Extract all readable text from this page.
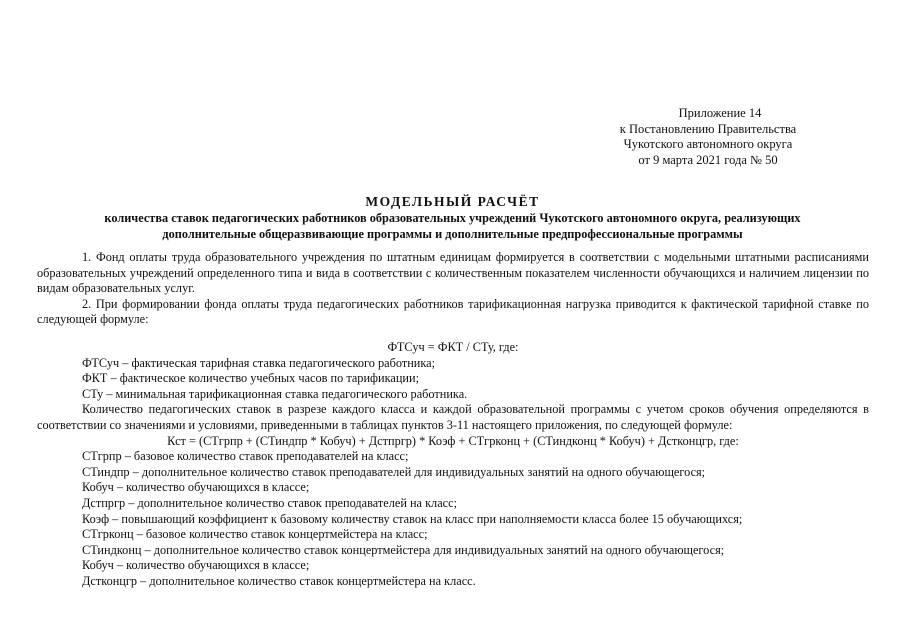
Приложение 14
к Постановлению Правительства
Чукотского автономного округа
от 9 марта 2021 года № 50
МОДЕЛЬНЫЙ РАСЧЁТ
количества ставок педагогических работников образовательных учреждений Чукотского автономного округа, реализующих
дополнительные общеразвивающие программы и дополнительные предпрофессиональные программы

1. Фонд оплаты труда образовательного учреждения по штатным единицам формируется в соответствии с модельными штатными расписаниями образовательных учреждений определенного типа и вида в соответствии с количественным показателем численности обучающихся и наличием лицензии по видам образовательных услуг.

2. При формировании фонда оплаты труда педагогических работников тарификационная нагрузка приводится к фактической тарифной ставке по следующей формуле:

ФТСуч = ФКТ / СТу, где:

ФТСуч – фактическая тарифная ставка педагогического работника;

ФКТ – фактическое количество учебных часов по тарификации;

СТу – минимальная тарификационная ставка педагогического работника.

Количество педагогических ставок в разрезе каждого класса и каждой образовательной программы с учетом сроков обучения определяются в соответствии со значениями и условиями, приведенными в таблицах пунктов 3-11 настоящего приложения, по следующей формуле:

Кст = (СТгрпр + (СТиндпр * Кобуч) + Дстпргр) * Коэф + СТгрконц + (СТиндконц * Кобуч) + Дстконцгр, где:

СТгрпр – базовое количество ставок преподавателей на класс;

СТиндпр – дополнительное количество ставок преподавателей для индивидуальных занятий на одного обучающегося;

Кобуч – количество обучающихся в классе;

Дстпргр – дополнительное количество ставок преподавателей на класс;

Коэф – повышающий коэффициент к базовому количеству ставок на класс при наполняемости класса более 15 обучающихся;

СТгрконц – базовое количество ставок концертмейстера на класс;

СТиндконц – дополнительное количество ставок концертмейстера для индивидуальных занятий на одного обучающегося;

Кобуч – количество обучающихся в классе;

Дстконцгр – дополнительное количество ставок концертмейстера на класс.
